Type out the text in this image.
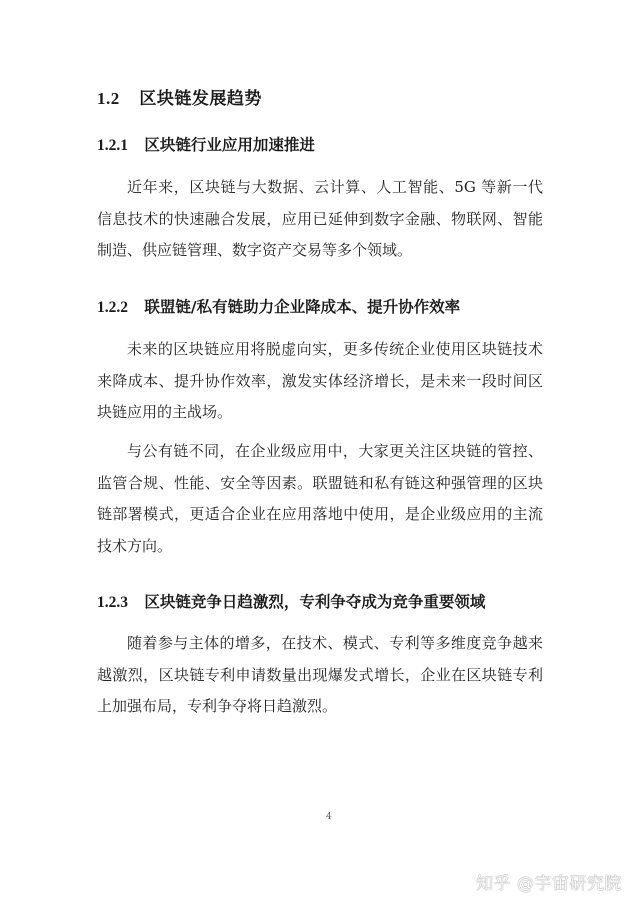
1.2 区块链发展趋势
1.2.1 区块链行业应用加速推进

近年来，区块链与大数据、云计算、人工智能、5G 等新一代信息技术的快速融合发展，应用已延伸到数字金融、物联网、智能制造、供应链管理、数字资产交易等多个领域。

1.2.2 联盟链/私有链助力企业降成本、提升协作效率

未来的区块链应用将脱虚向实，更多传统企业使用区块链技术来降成本、提升协作效率，激发实体经济增长，是未来一段时间区块链应用的主战场。

与公有链不同，在企业级应用中，大家更关注区块链的管控、监管合规、性能、安全等因素。联盟链和私有链这种强管理的区块链部署模式，更适合企业在应用落地中使用，是企业级应用的主流技术方向。

1.2.3 区块链竞争日趋激烈，专利争夺成为竞争重要领域

随着参与主体的增多，在技术、模式、专利等多维度竞争越来越激烈，区块链专利申请数量出现爆发式增长，企业在区块链专利上加强布局，专利争夺将日趋激烈。

4
知乎 @宇宙研究院
